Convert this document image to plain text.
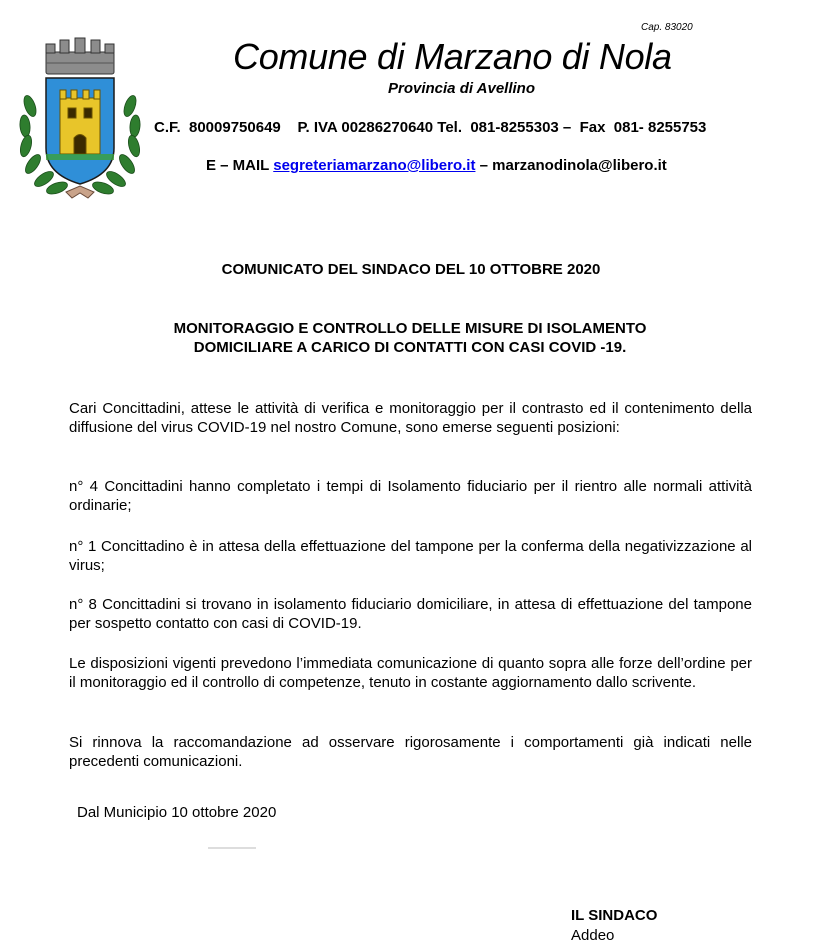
Cap. 83020
Comune di Marzano di Nola
Provincia di Avellino
C.F.  80009750649    P. IVA 00286270640 Tel.  081-8255303 –  Fax  081- 8255753
E – MAIL segreteriamarzano@libero.it – marzanodinola@libero.it
COMUNICATO DEL SINDACO DEL 10 OTTOBRE 2020
MONITORAGGIO E CONTROLLO DELLE MISURE DI ISOLAMENTO
DOMICILIARE A CARICO DI CONTATTI CON CASI COVID -19.
Cari Concittadini, attese le attività di verifica e monitoraggio per il contrasto ed il contenimento della diffusione del virus COVID-19 nel nostro Comune, sono emerse seguenti posizioni:
n° 4 Concittadini hanno completato i tempi di Isolamento fiduciario per il rientro alle normali attività ordinarie;
n° 1 Concittadino è in attesa della effettuazione del tampone per la conferma della negativizzazione al virus;
n° 8 Concittadini si trovano in isolamento fiduciario domiciliare, in attesa di effettuazione del tampone per sospetto contatto con casi di COVID-19.
Le disposizioni vigenti prevedono l’immediata comunicazione di quanto sopra alle forze dell’ordine per il monitoraggio ed il controllo di competenze, tenuto in costante aggiornamento dallo scrivente.
Si rinnova la raccomandazione ad osservare rigorosamente i comportamenti già indicati nelle precedenti comunicazioni.
Dal Municipio 10 ottobre 2020
IL SINDACO
Addeo
